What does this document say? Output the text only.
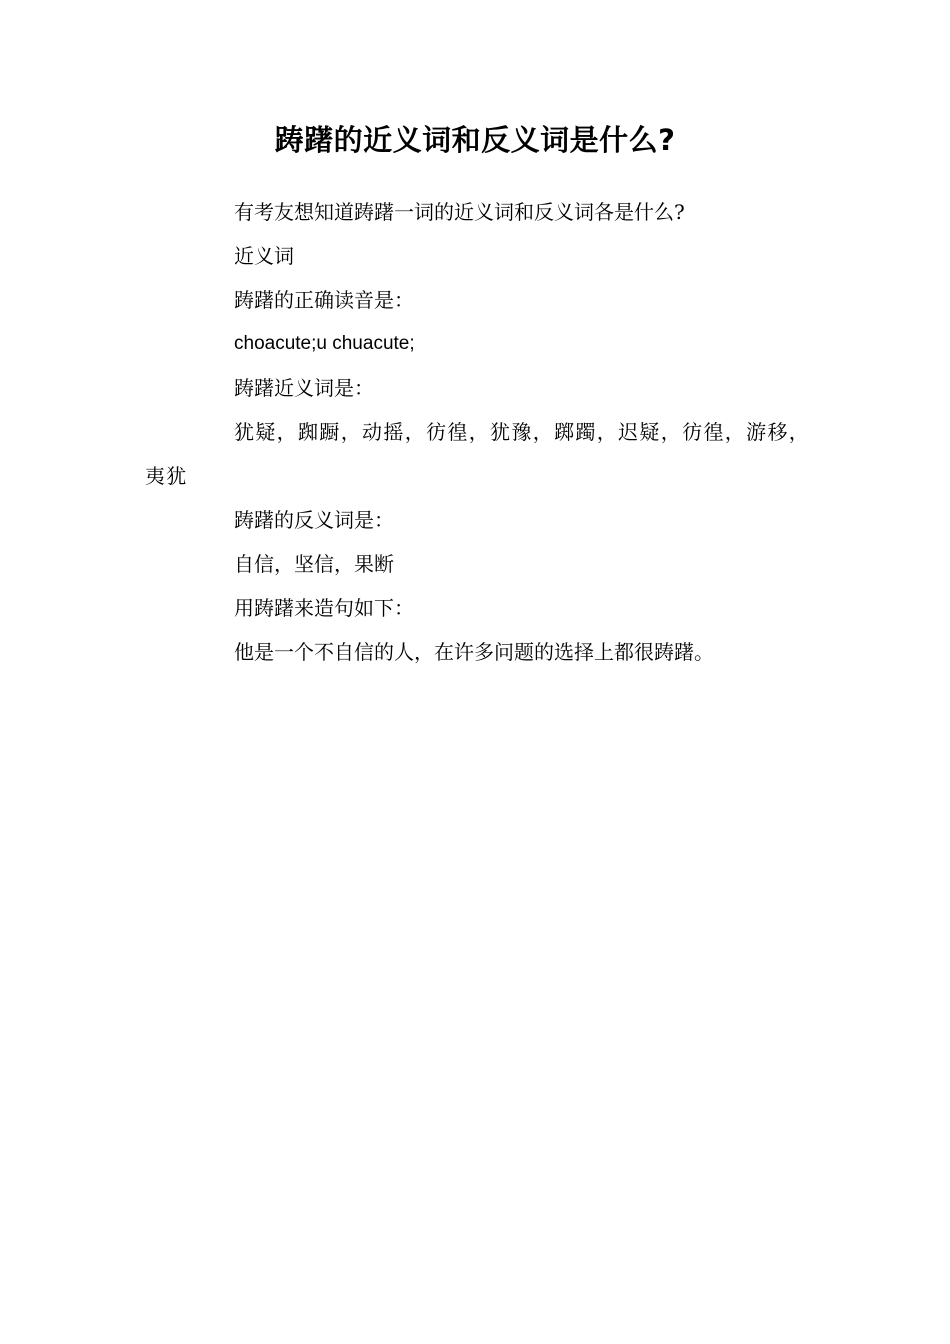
踌躇的近义词和反义词是什么?

有考友想知道踌躇一词的近义词和反义词各是什么?

近义词

踌躇的正确读音是：

choacute;u chuacute;

踌躇近义词是：

犹疑，踟蹰，动摇，彷徨，犹豫，踯躅，迟疑，彷徨，游移，夷犹

踌躇的反义词是：

自信，坚信，果断

用踌躇来造句如下：

他是一个不自信的人，在许多问题的选择上都很踌躇。
